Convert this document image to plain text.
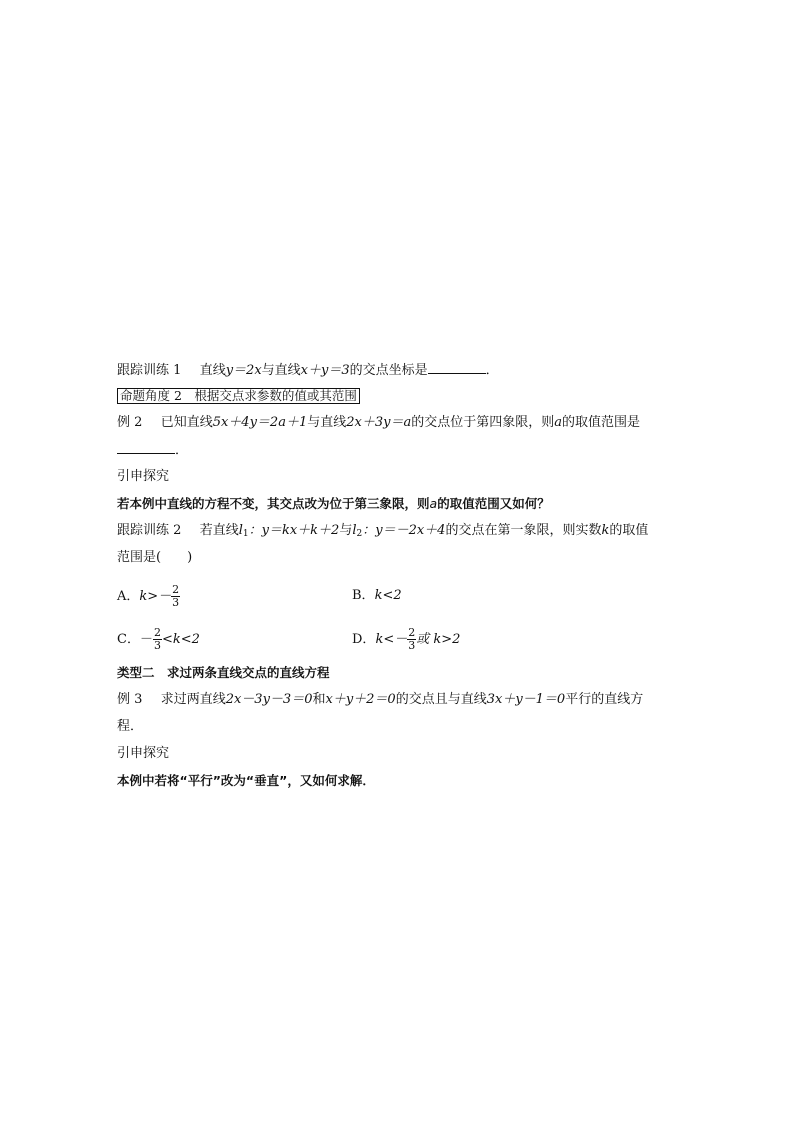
跟踪训练 1 直线y＝2x与直线x＋y＝3的交点坐标是	．
命题角度 2　根据交点求参数的值或其范围
例 2 已知直线5x＋4y＝2a＋1与直线2x＋3y＝a的交点位于第四象限，则a的取值范围是
．
引申探究
若本例中直线的方程不变，其交点改为位于第三象限，则a的取值范围又如何？
跟踪训练 2 若直线$l_1$：y＝kx＋k＋2与$l_2$：y＝－2x＋4的交点在第一象限，则实数k的取值
范围是(　　)
A．$k>- \frac{2}{3}$	B．k<2
C．－ $\frac{2}{3} <k<2$	D．$k<- \frac{2}{3}$ 或 k>2
类型二　求过两条直线交点的直线方程
例 3 求过两直线2x－3y－3＝0和x＋y＋2＝0的交点且与直线3x＋y－1＝0平行的直线方
程．
引申探究
本例中若将“平行”改为“垂直”，又如何求解．
